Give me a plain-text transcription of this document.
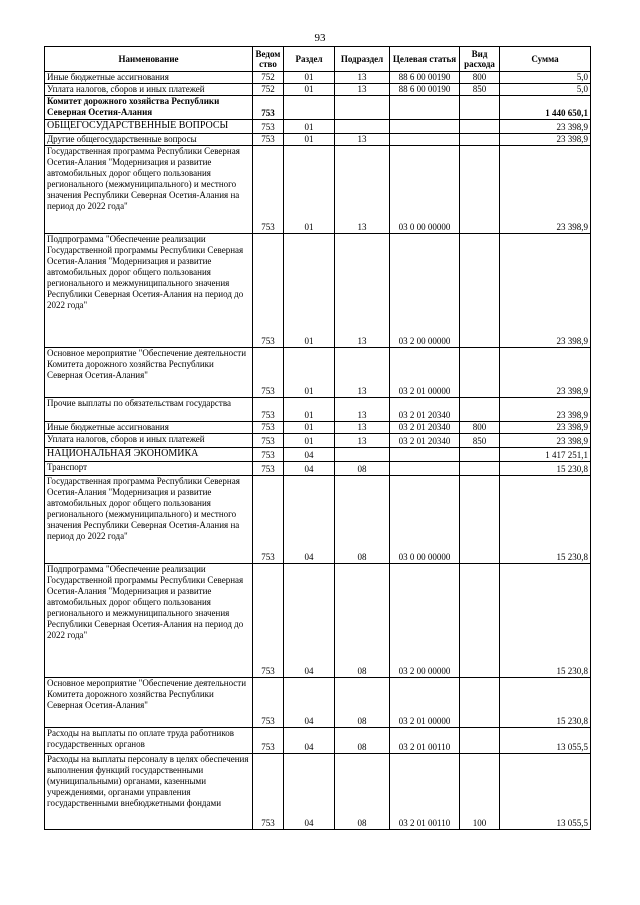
93
Наименование	Ведом ство	Раздел	Подраздел	Целевая статья	Вид расхода	Сумма
Иные бюджетные ассигнования	752	01	13	88 6 00 00190	800	5,0
Уплата налогов, сборов и иных платежей	752	01	13	88 6 00 00190	850	5,0
Комитет дорожного хозяйства Республики Северная Осетия-Алания	753					1 440 650,1
ОБЩЕГОСУДАРСТВЕННЫЕ ВОПРОСЫ	753	01				23 398,9
Другие общегосударственные вопросы	753	01	13			23 398,9
Государственная программа Республики Северная Осетия-Алания "Модернизация и развитие автомобильных дорог общего пользования регионального (межмуниципального) и местного значения Республики Северная Осетия-Алания на период до 2022 года"	753	01	13	03 0 00 00000		23 398,9
Подпрограмма "Обеспечение реализации Государственной программы Республики Северная Осетия-Алания "Модернизация и развитие автомобильных дорог общего пользования регионального и межмуниципального значения Республики Северная Осетия-Алания на период до 2022 года"	753	01	13	03 2 00 00000		23 398,9
Основное мероприятие "Обеспечение деятельности Комитета дорожного хозяйства Республики Северная Осетия-Алания"	753	01	13	03 2 01 00000		23 398,9
Прочие выплаты по обязательствам государства	753	01	13	03 2 01 20340		23 398,9
Иные бюджетные ассигнования	753	01	13	03 2 01 20340	800	23 398,9
Уплата налогов, сборов и иных платежей	753	01	13	03 2 01 20340	850	23 398,9
НАЦИОНАЛЬНАЯ ЭКОНОМИКА	753	04				1 417 251,1
Транспорт	753	04	08			15 230,8
Государственная программа Республики Северная Осетия-Алания "Модернизация и развитие автомобильных дорог общего пользования регионального (межмуниципального) и местного значения Республики Северная Осетия-Алания на период до 2022 года"	753	04	08	03 0 00 00000		15 230,8
Подпрограмма "Обеспечение реализации Государственной программы Республики Северная Осетия-Алания "Модернизация и развитие автомобильных дорог общего пользования регионального и межмуниципального значения Республики Северная Осетия-Алания на период до 2022 года"	753	04	08	03 2 00 00000		15 230,8
Основное мероприятие "Обеспечение деятельности Комитета дорожного хозяйства Республики Северная Осетия-Алания"	753	04	08	03 2 01 00000		15 230,8
Расходы на выплаты по оплате труда работников государственных органов	753	04	08	03 2 01 00110		13 055,5
Расходы на выплаты персоналу в целях обеспечения выполнения функций государственными (муниципальными) органами, казенными учреждениями, органами управления государственными внебюджетными фондами	753	04	08	03 2 01 00110	100	13 055,5
